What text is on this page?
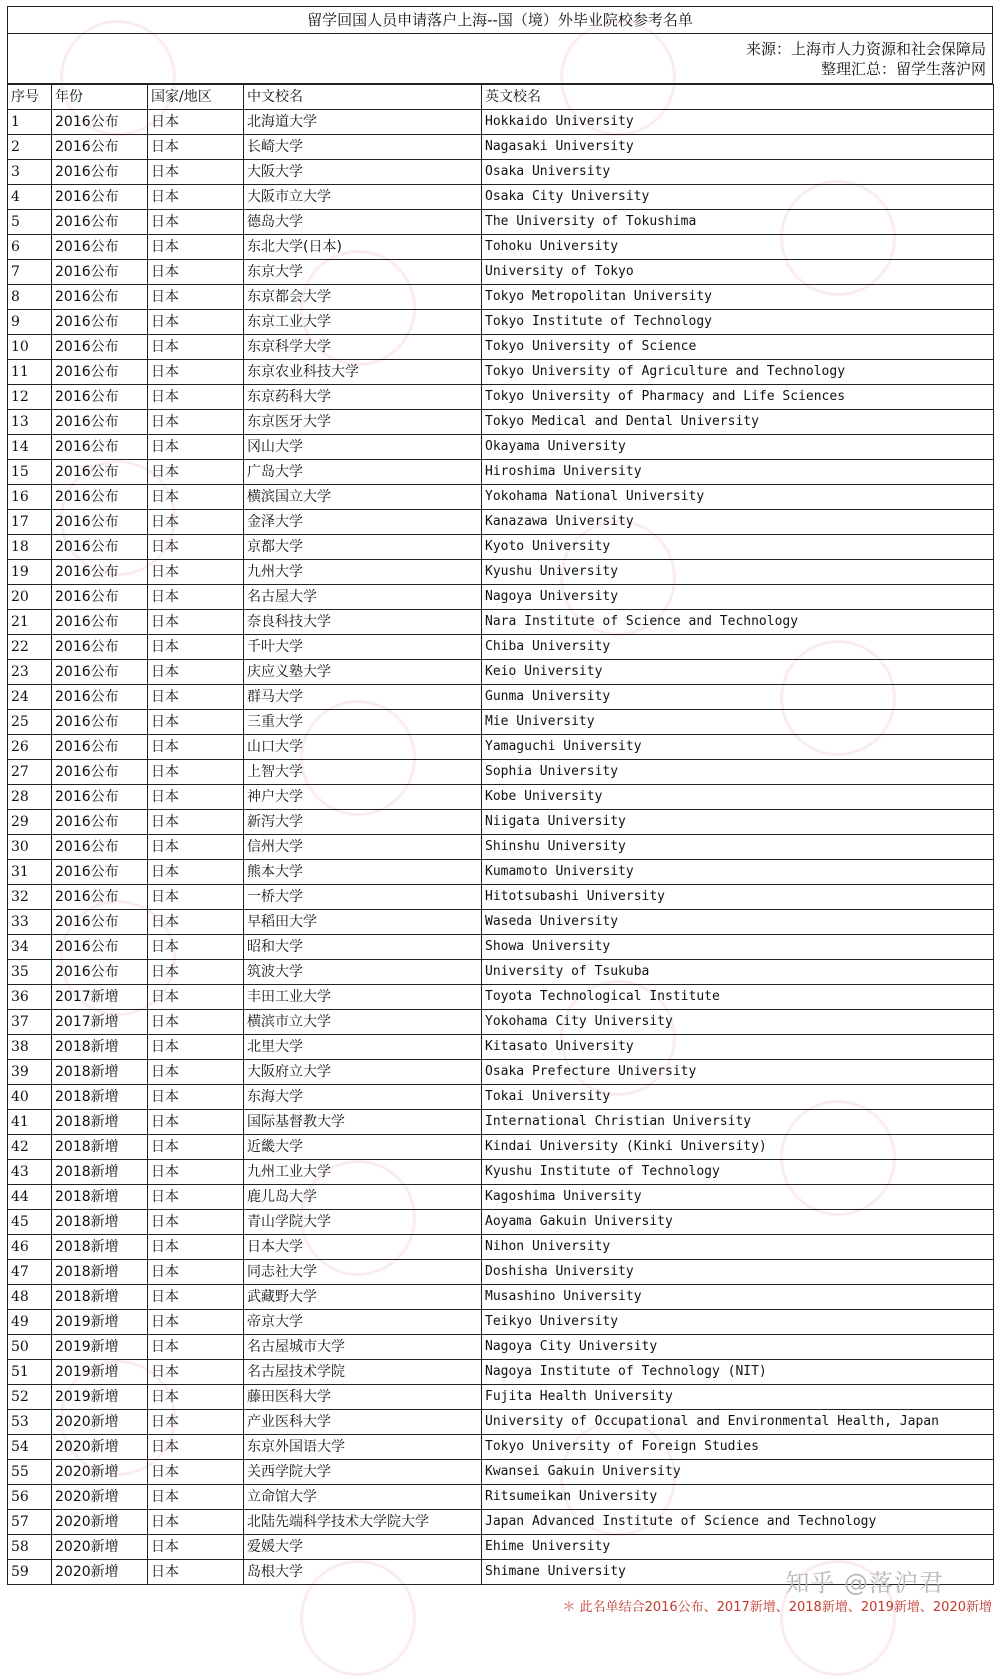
留学回国人员申请落户上海--国（境）外毕业院校参考名单
来源：上海市人力资源和社会保障局
整理汇总：留学生落沪网
序号	年份	国家/地区	中文校名	英文校名
1	2016公布	日本	北海道大学	Hokkaido University
2	2016公布	日本	长崎大学	Nagasaki University
3	2016公布	日本	大阪大学	Osaka University
4	2016公布	日本	大阪市立大学	Osaka City University
5	2016公布	日本	德岛大学	The University of Tokushima
6	2016公布	日本	东北大学(日本)	Tohoku University
7	2016公布	日本	东京大学	University of Tokyo
8	2016公布	日本	东京都会大学	Tokyo Metropolitan University
9	2016公布	日本	东京工业大学	Tokyo Institute of Technology
10	2016公布	日本	东京科学大学	Tokyo University of Science
11	2016公布	日本	东京农业科技大学	Tokyo University of Agriculture and Technology
12	2016公布	日本	东京药科大学	Tokyo University of Pharmacy and Life Sciences
13	2016公布	日本	东京医牙大学	Tokyo Medical and Dental University
14	2016公布	日本	冈山大学	Okayama University
15	2016公布	日本	广岛大学	Hiroshima University
16	2016公布	日本	横滨国立大学	Yokohama National University
17	2016公布	日本	金泽大学	Kanazawa University
18	2016公布	日本	京都大学	Kyoto University
19	2016公布	日本	九州大学	Kyushu University
20	2016公布	日本	名古屋大学	Nagoya University
21	2016公布	日本	奈良科技大学	Nara Institute of Science and Technology
22	2016公布	日本	千叶大学	Chiba University
23	2016公布	日本	庆应义塾大学	Keio University
24	2016公布	日本	群马大学	Gunma University
25	2016公布	日本	三重大学	Mie University
26	2016公布	日本	山口大学	Yamaguchi University
27	2016公布	日本	上智大学	Sophia University
28	2016公布	日本	神户大学	Kobe University
29	2016公布	日本	新泻大学	Niigata University
30	2016公布	日本	信州大学	Shinshu University
31	2016公布	日本	熊本大学	Kumamoto University
32	2016公布	日本	一桥大学	Hitotsubashi University
33	2016公布	日本	早稻田大学	Waseda University
34	2016公布	日本	昭和大学	Showa University
35	2016公布	日本	筑波大学	University of Tsukuba
36	2017新增	日本	丰田工业大学	Toyota Technological Institute
37	2017新增	日本	横滨市立大学	Yokohama City University
38	2018新增	日本	北里大学	Kitasato University
39	2018新增	日本	大阪府立大学	Osaka Prefecture University
40	2018新增	日本	东海大学	Tokai University
41	2018新增	日本	国际基督教大学	International Christian University
42	2018新增	日本	近畿大学	Kindai University (Kinki University)
43	2018新增	日本	九州工业大学	Kyushu Institute of Technology
44	2018新增	日本	鹿儿岛大学	Kagoshima University
45	2018新增	日本	青山学院大学	Aoyama Gakuin University
46	2018新增	日本	日本大学	Nihon University
47	2018新增	日本	同志社大学	Doshisha University
48	2018新增	日本	武藏野大学	Musashino University
49	2019新增	日本	帝京大学	Teikyo University
50	2019新增	日本	名古屋城市大学	Nagoya City University
51	2019新增	日本	名古屋技术学院	Nagoya Institute of Technology (NIT)
52	2019新增	日本	藤田医科大学	Fujita Health University
53	2020新增	日本	产业医科大学	University of Occupational and Environmental Health, Japan
54	2020新增	日本	东京外国语大学	Tokyo University of Foreign Studies
55	2020新增	日本	关西学院大学	Kwansei Gakuin University
56	2020新增	日本	立命馆大学	Ritsumeikan University
57	2020新增	日本	北陆先端科学技术大学院大学	Japan Advanced Institute of Science and Technology
58	2020新增	日本	爱媛大学	Ehime University
59	2020新增	日本	岛根大学	Shimane University	知乎 @落沪君
＊ 此名单结合2016公布、2017新增、2018新增、2019新增、2020新增
